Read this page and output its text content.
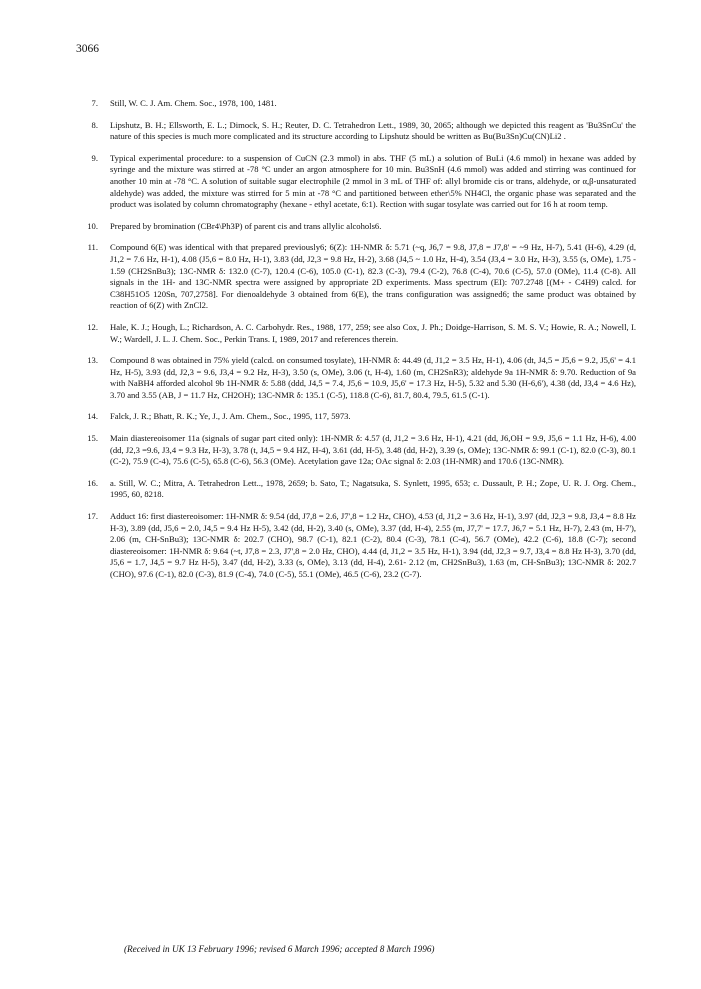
3066
7.	Still, W. C. J. Am. Chem. Soc., 1978, 100, 1481.
8.	Lipshutz, B. H.; Ellsworth, E. L.; Dimock, S. H.; Reuter, D. C. Tetrahedron Lett., 1989, 30, 2065; although we depicted this reagent as 'Bu3SnCu' the nature of this species is much more complicated and its structure according to Lipshutz should be written as Bu(Bu3Sn)Cu(CN)Li2 .
9.	Typical experimental procedure: to a suspension of CuCN (2.3 mmol) in abs. THF (5 mL) a solution of BuLi (4.6 mmol) in hexane was added by syringe and the mixture was stirred at -78 °C under an argon atmosphere for 10 min. Bu3SnH (4.6 mmol) was added and stirring was continued for another 10 min at -78 °C. A solution of suitable sugar electrophile (2 mmol in 3 mL of THF of: allyl bromide cis or trans, aldehyde, or α,β-unsaturated aldehyde) was added, the mixture was stirred for 5 min at -78 °C and partitioned between ether\5% NH4Cl, the organic phase was separated and the product was isolated by column chromatography (hexane - ethyl acetate, 6:1). Rection with sugar tosylate was carried out for 16 h at room temp.
10.	Prepared by bromination (CBr4\Ph3P) of parent cis and trans allylic alcohols6.
11.	Compound 6(E) was identical with that prepared previously6; 6(Z): 1H-NMR δ: 5.71 (~q, J6,7 = 9.8, J7,8 = J7,8' = ~9 Hz, H-7), 5.41 (H-6), 4.29 (d, J1,2 = 7.6 Hz, H-1), 4.08 (J5,6 = 8.0 Hz, H-1), 3.83 (dd, J2,3 = 9.8 Hz, H-2), 3.68 (J4,5 ~ 1.0 Hz, H-4), 3.54 (J3,4 = 3.0 Hz, H-3), 3.55 (s, OMe), 1.75 - 1.59 (CH2SnBu3); 13C-NMR δ: 132.0 (C-7), 120.4 (C-6), 105.0 (C-1), 82.3 (C-3), 79.4 (C-2), 76.8 (C-4), 70.6 (C-5), 57.0 (OMe), 11.4 (C-8). All signals in the 1H- and 13C-NMR spectra were assigned by appropriate 2D experiments. Mass spectrum (EI): 707.2748 [(M+ - C4H9) calcd. for C38H51O5 120Sn, 707,2758]. For dienoaldehyde 3 obtained from 6(E), the trans configuration was assigned6; the same product was obtained by reaction of 6(Z) with ZnCl2.
12.	Hale, K. J.; Hough, L.; Richardson, A. C. Carbohydr. Res., 1988, 177, 259; see also Cox, J. Ph.; Doidge-Harrison, S. M. S. V.; Howie, R. A.; Nowell, I. W.; Wardell, J. L. J. Chem. Soc., Perkin Trans. I, 1989, 2017 and references therein.
13.	Compound 8 was obtained in 75% yield (calcd. on consumed tosylate), 1H-NMR δ: 44.49 (d, J1,2 = 3.5 Hz, H-1), 4.06 (dt, J4,5 = J5,6 = 9.2, J5,6' = 4.1 Hz, H-5), 3.93 (dd, J2,3 = 9.6, J3,4 = 9.2 Hz, H-3), 3.50 (s, OMe), 3.06 (t, H-4), 1.60 (m, CH2SnR3); aldehyde 9a 1H-NMR δ: 9.70. Reduction of 9a with NaBH4 afforded alcohol 9b 1H-NMR δ: 5.88 (ddd, J4,5 = 7.4, J5,6 = 10.9, J5,6' = 17.3 Hz, H-5), 5.32 and 5.30 (H-6,6'), 4.38 (dd, J3,4 = 4.6 Hz), 3.70 and 3.55 (AB, J = 11.7 Hz, CH2OH); 13C-NMR δ: 135.1 (C-5), 118.8 (C-6), 81.7, 80.4, 79.5, 61.5 (C-1).
14.	Falck, J. R.; Bhatt, R. K.; Ye, J., J. Am. Chem., Soc., 1995, 117, 5973.
15.	Main diastereoisomer 11a (signals of sugar part cited only): 1H-NMR δ: 4.57 (d, J1,2 = 3.6 Hz, H-1), 4.21 (dd, J6,OH = 9.9, J5,6 = 1.1 Hz, H-6), 4.00 (dd, J2,3 =9.6, J3,4 = 9.3 Hz, H-3), 3.78 (t, J4,5 = 9.4 HZ, H-4), 3.61 (dd, H-5), 3.48 (dd, H-2), 3.39 (s, OMe); 13C-NMR δ: 99.1 (C-1), 82.0 (C-3), 80.1 (C-2), 75.9 (C-4), 75.6 (C-5), 65.8 (C-6), 56.3 (OMe). Acetylation gave 12a; OAc signal δ: 2.03 (1H-NMR) and 170.6 (13C-NMR).
16.	a. Still, W. C.; Mitra, A. Tetrahedron Lett.., 1978, 2659; b. Sato, T.; Nagatsuka, S. Synlett, 1995, 653; c. Dussault, P. H.; Zope, U. R. J. Org. Chem., 1995, 60, 8218.
17.	Adduct 16: first diastereoisomer: 1H-NMR δ: 9.54 (dd, J7,8 = 2.6, J7',8 = 1.2 Hz, CHO), 4.53 (d, J1,2 = 3.6 Hz, H-1), 3.97 (dd, J2,3 = 9.8, J3,4 = 8.8 Hz H-3), 3.89 (dd, J5,6 = 2.0, J4,5 = 9.4 Hz H-5), 3.42 (dd, H-2), 3.40 (s, OMe), 3.37 (dd, H-4), 2.55 (m, J7,7' = 17.7, J6,7 = 5.1 Hz, H-7), 2.43 (m, H-7'), 2.06 (m, CH-SnBu3); 13C-NMR δ: 202.7 (CHO), 98.7 (C-1), 82.1 (C-2), 80.4 (C-3), 78.1 (C-4), 56.7 (OMe), 42.2 (C-6), 18.8 (C-7); second diastereoisomer: 1H-NMR δ: 9.64 (~t, J7,8 = 2.3, J7',8 = 2.0 Hz, CHO), 4.44 (d, J1,2 = 3.5 Hz, H-1), 3.94 (dd, J2,3 = 9.7, J3,4 = 8.8 Hz H-3), 3.70 (dd, J5,6 = 1.7, J4,5 = 9.7 Hz H-5), 3.47 (dd, H-2), 3.33 (s, OMe), 3.13 (dd, H-4), 2.61- 2.12 (m, CH2SnBu3), 1.63 (m, CH-SnBu3); 13C-NMR δ: 202.7 (CHO), 97.6 (C-1), 82.0 (C-3), 81.9 (C-4), 74.0 (C-5), 55.1 (OMe), 46.5 (C-6), 23.2 (C-7).
(Received in UK 13 February 1996; revised 6 March 1996; accepted 8 March 1996)
